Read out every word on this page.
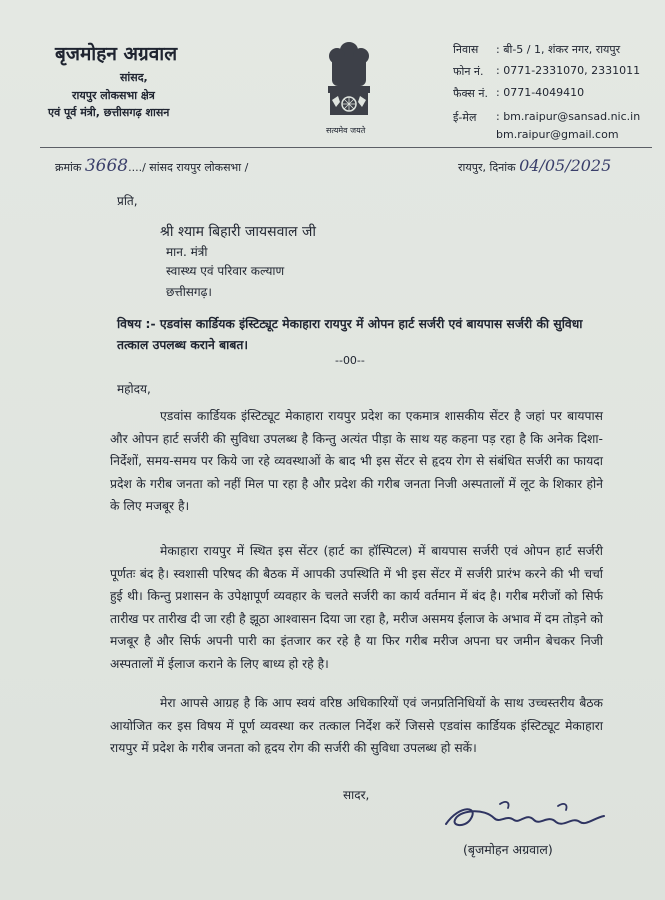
बृजमोहन अग्रवाल
सांसद,
रायपुर लोकसभा क्षेत्र
एवं पूर्व मंत्री, छत्तीसगढ़ शासन
सत्यमेव जयते
निवास : बी-5 / 1, शंकर नगर, रायपुर
फोन नं. : 0771-2331070, 2331011
फैक्स नं. : 0771-4049410
ई-मेल : bm.raipur@sansad.nic.in
bm.raipur@gmail.com
क्रमांक 3668..../ सांसद रायपुर लोकसभा /	रायपुर, दिनांक 04/05/2025
प्रति,
श्री श्याम बिहारी जायसवाल जी
मान. मंत्री
स्वास्थ्य एवं परिवार कल्याण
छत्तीसगढ़।
विषय :- एडवांस कार्डियक इंस्टिट्यूट मेकाहारा रायपुर में ओपन हार्ट सर्जरी एवं बायपास सर्जरी की सुविधा तत्काल उपलब्ध कराने बाबत।
--00--
महोदय,
एडवांस कार्डियक इंस्टिट्यूट मेकाहारा रायपुर प्रदेश का एकमात्र शासकीय सेंटर है जहां पर बायपास और ओपन हार्ट सर्जरी की सुविधा उपलब्ध है किन्तु अत्यंत पीड़ा के साथ यह कहना पड़ रहा है कि अनेक दिशा-निर्देशों, समय-समय पर किये जा रहे व्यवस्थाओं के बाद भी इस सेंटर से हृदय रोग से संबंधित सर्जरी का फायदा प्रदेश के गरीब जनता को नहीं मिल पा रहा है और प्रदेश की गरीब जनता निजी अस्पतालों में लूट के शिकार होने के लिए मजबूर है।
मेकाहारा रायपुर में स्थित इस सेंटर (हार्ट का हॉस्पिटल) में बायपास सर्जरी एवं ओपन हार्ट सर्जरी पूर्णतः बंद है। स्वशासी परिषद की बैठक में आपकी उपस्थिति में भी इस सेंटर में सर्जरी प्रारंभ करने की भी चर्चा हुई थी। किन्तु प्रशासन के उपेक्षापूर्ण व्यवहार के चलते सर्जरी का कार्य वर्तमान में बंद है। गरीब मरीजों को सिर्फ तारीख पर तारीख दी जा रही है झूठा आश्वासन दिया जा रहा है, मरीज असमय ईलाज के अभाव में दम तोड़ने को मजबूर है और सिर्फ अपनी पारी का इंतजार कर रहे है या फिर गरीब मरीज अपना घर जमीन बेचकर निजी अस्पतालों में ईलाज कराने के लिए बाध्य हो रहे है।
मेरा आपसे आग्रह है कि आप स्वयं वरिष्ठ अधिकारियों एवं जनप्रतिनिधियों के साथ उच्चस्तरीय बैठक आयोजित कर इस विषय में पूर्ण व्यवस्था कर तत्काल निर्देश करें जिससे एडवांस कार्डियक इंस्टिट्यूट मेकाहारा रायपुर में प्रदेश के गरीब जनता को हृदय रोग की सर्जरी की सुविधा उपलब्ध हो सकें।
सादर,
(बृजमोहन अग्रवाल)
